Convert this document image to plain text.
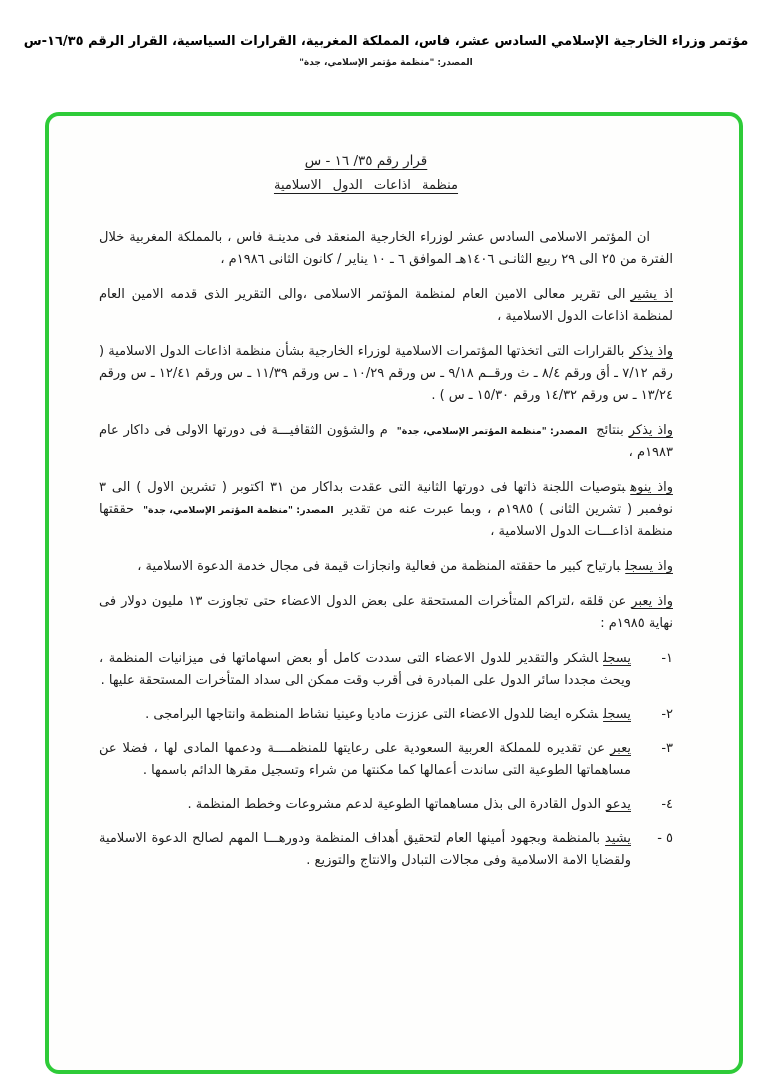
مؤتمر وزراء الخارجية الإسلامي السادس عشر، فاس، المملكة المغربية، القرارات السياسية، القرار الرقم ١٦/٣٥-س
المصدر: "منظمة مؤتمر الإسلامي، جدة"
قرار رقم ٣٥/ ١٦ - س
منظمة اذاعات الدول الاسلامية

ان المؤتمر الاسلامى السادس عشر لوزراء الخارجية المنعقد فى مدينـة فاس ، بالمملكة المغربية خلال الفترة من ٢٥ الى ٢٩ ربيع الثانـى ١٤٠٦هـ الموافق ٦ ـ ١٠ يناير / كانون الثانى ١٩٨٦م ،

اذ يشيرالى تقرير معالى الامين العام لمنظمة المؤتمر الاسلامى ،والى التقرير الذى قدمه الامين العام لمنظمة اذاعات الدول الاسلامية ،

واذ يذكربالقرارات التى اتخذتها المؤتمرات الاسلامية لوزراء الخارجية بشأن منظمة اذاعات الدول الاسلامية ( رقم ٧/١٢ ـ أق ورقم ٨/٤ ـ ث ورقــم ٩/١٨ ـ س ورقم ١٠/٢٩ ـ س ورقم ١١/٣٩ ـ س ورقم ١٢/٤١ ـ س ورقم ١٣/٢٤ ـ س ورقم ١٤/٣٢ ورقم ١٥/٣٠ ـ س ) .

واذ يذكربنتائجالمصدر: "منظمة المؤتمر الإسلامي، جدة"م والشؤون الثقافيـــة فى دورتها الاولى فى داكار عام ١٩٨٣م ،

واذ ينوهبتوصيات اللجنة ذاتها فى دورتها الثانية التى عقدت بداكار من ٣١ اكتوبر ( تشرين الاول ) الى ٣ نوفمبر ( تشرين الثانى ) ١٩٨٥م ، وبما عبرت عنه من تقديرالمصدر: "منظمة المؤتمر الإسلامي، جدة"حققتها منظمة اذاعـــات الدول الاسلامية ،

واذ يسجلبارتياح كبير ما حققته المنظمة من فعالية وانجازات قيمة فى مجال خدمة الدعوة الاسلامية ،

واذ يعبرعن قلقه ،لتراكم المتأخرات المستحقة على بعض الدول الاعضاء حتى تجاوزت ١٣ مليون دولار فى نهاية ١٩٨٥م :

١-

يسجلالشكر والتقدير للدول الاعضاء التى سددت كامل أو بعض اسهاماتها فى ميزانيات المنظمة ، ويحث مجددا سائر الدول على المبادرة فى أقرب وقت ممكن الى سداد المتأخرات المستحقة عليها .

٢-

يسجلشكره ايضا للدول الاعضاء التى عززت ماديا وعينيا نشاط المنظمة وانتاجها البرامجى .

٣-

يعبرعن تقديره للمملكة العربية السعودية على رعايتها للمنظمــــة ودعمها المادى لها ، فضلا عن مساهماتها الطوعية التى ساندت أعمالها كما مكنتها من شراء وتسجيل مقرها الدائم باسمها .

٤-

يدعوالدول القادرة الى بذل مساهماتها الطوعية لدعم مشروعات وخطط المنظمة .

٥ -

يشيدبالمنظمة وبجهود أمينها العام لتحقيق أهداف المنظمة ودورهـــا المهم لصالح الدعوة الاسلامية ولقضايا الامة الاسلامية وفى مجالات التبادل والانتاج والتوزيع .
